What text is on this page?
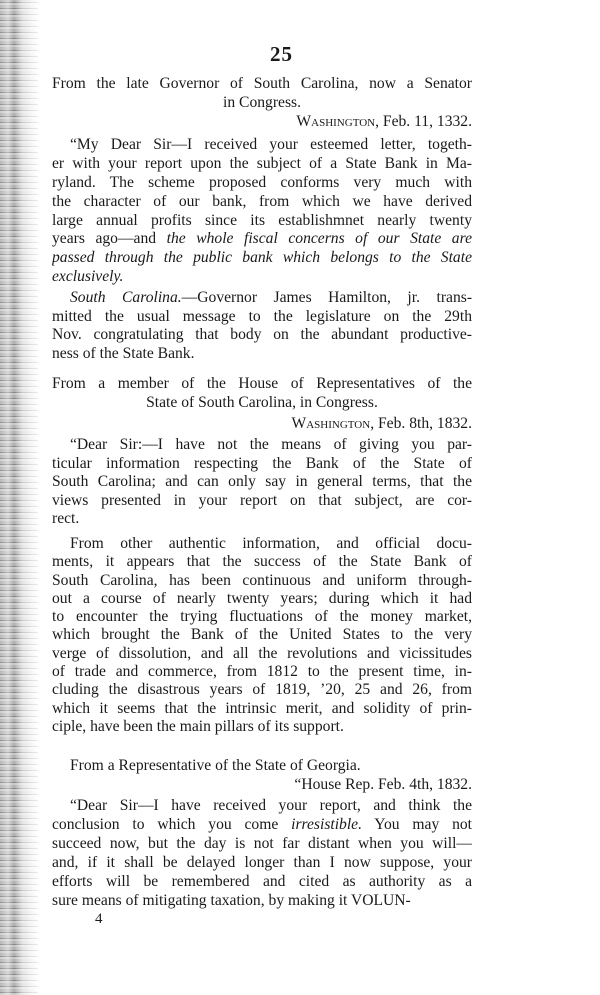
25
From the late Governor of South Carolina, now a Senator
in Congress.
Washington, Feb. 11, 1332.
“My Dear Sir—I received your esteemed letter, togeth-
er with your report upon the subject of a State Bank in Ma-
ryland. The scheme proposed conforms very much with
the character of our bank, from which we have derived
large annual profits since its establishmnet nearly twenty
years ago—and the whole fiscal concerns of our State are
passed through the public bank which belongs to the State
exclusively.
South Carolina.—Governor James Hamilton, jr. trans-
mitted the usual message to the legislature on the 29th
Nov. congratulating that body on the abundant productive-
ness of the State Bank.
From a member of the House of Representatives of the
State of South Carolina, in Congress.
Washington, Feb. 8th, 1832.
“Dear Sir:—I have not the means of giving you par-
ticular information respecting the Bank of the State of
South Carolina; and can only say in general terms, that the
views presented in your report on that subject, are cor-
rect.
From other authentic information, and official docu-
ments, it appears that the success of the State Bank of
South Carolina, has been continuous and uniform through-
out a course of nearly twenty years; during which it had
to encounter the trying fluctuations of the money market,
which brought the Bank of the United States to the very
verge of dissolution, and all the revolutions and vicissitudes
of trade and commerce, from 1812 to the present time, in-
cluding the disastrous years of 1819, ’20, 25 and 26, from
which it seems that the intrinsic merit, and solidity of prin-
ciple, have been the main pillars of its support.
From a Representative of the State of Georgia.
“House Rep. Feb. 4th, 1832.
“Dear Sir—I have received your report, and think the
conclusion to which you come irresistible. You may not
succeed now, but the day is not far distant when you will—
and, if it shall be delayed longer than I now suppose, your
efforts will be remembered and cited as authority as a
sure means of mitigating taxation, by making it VOLUN-
4
